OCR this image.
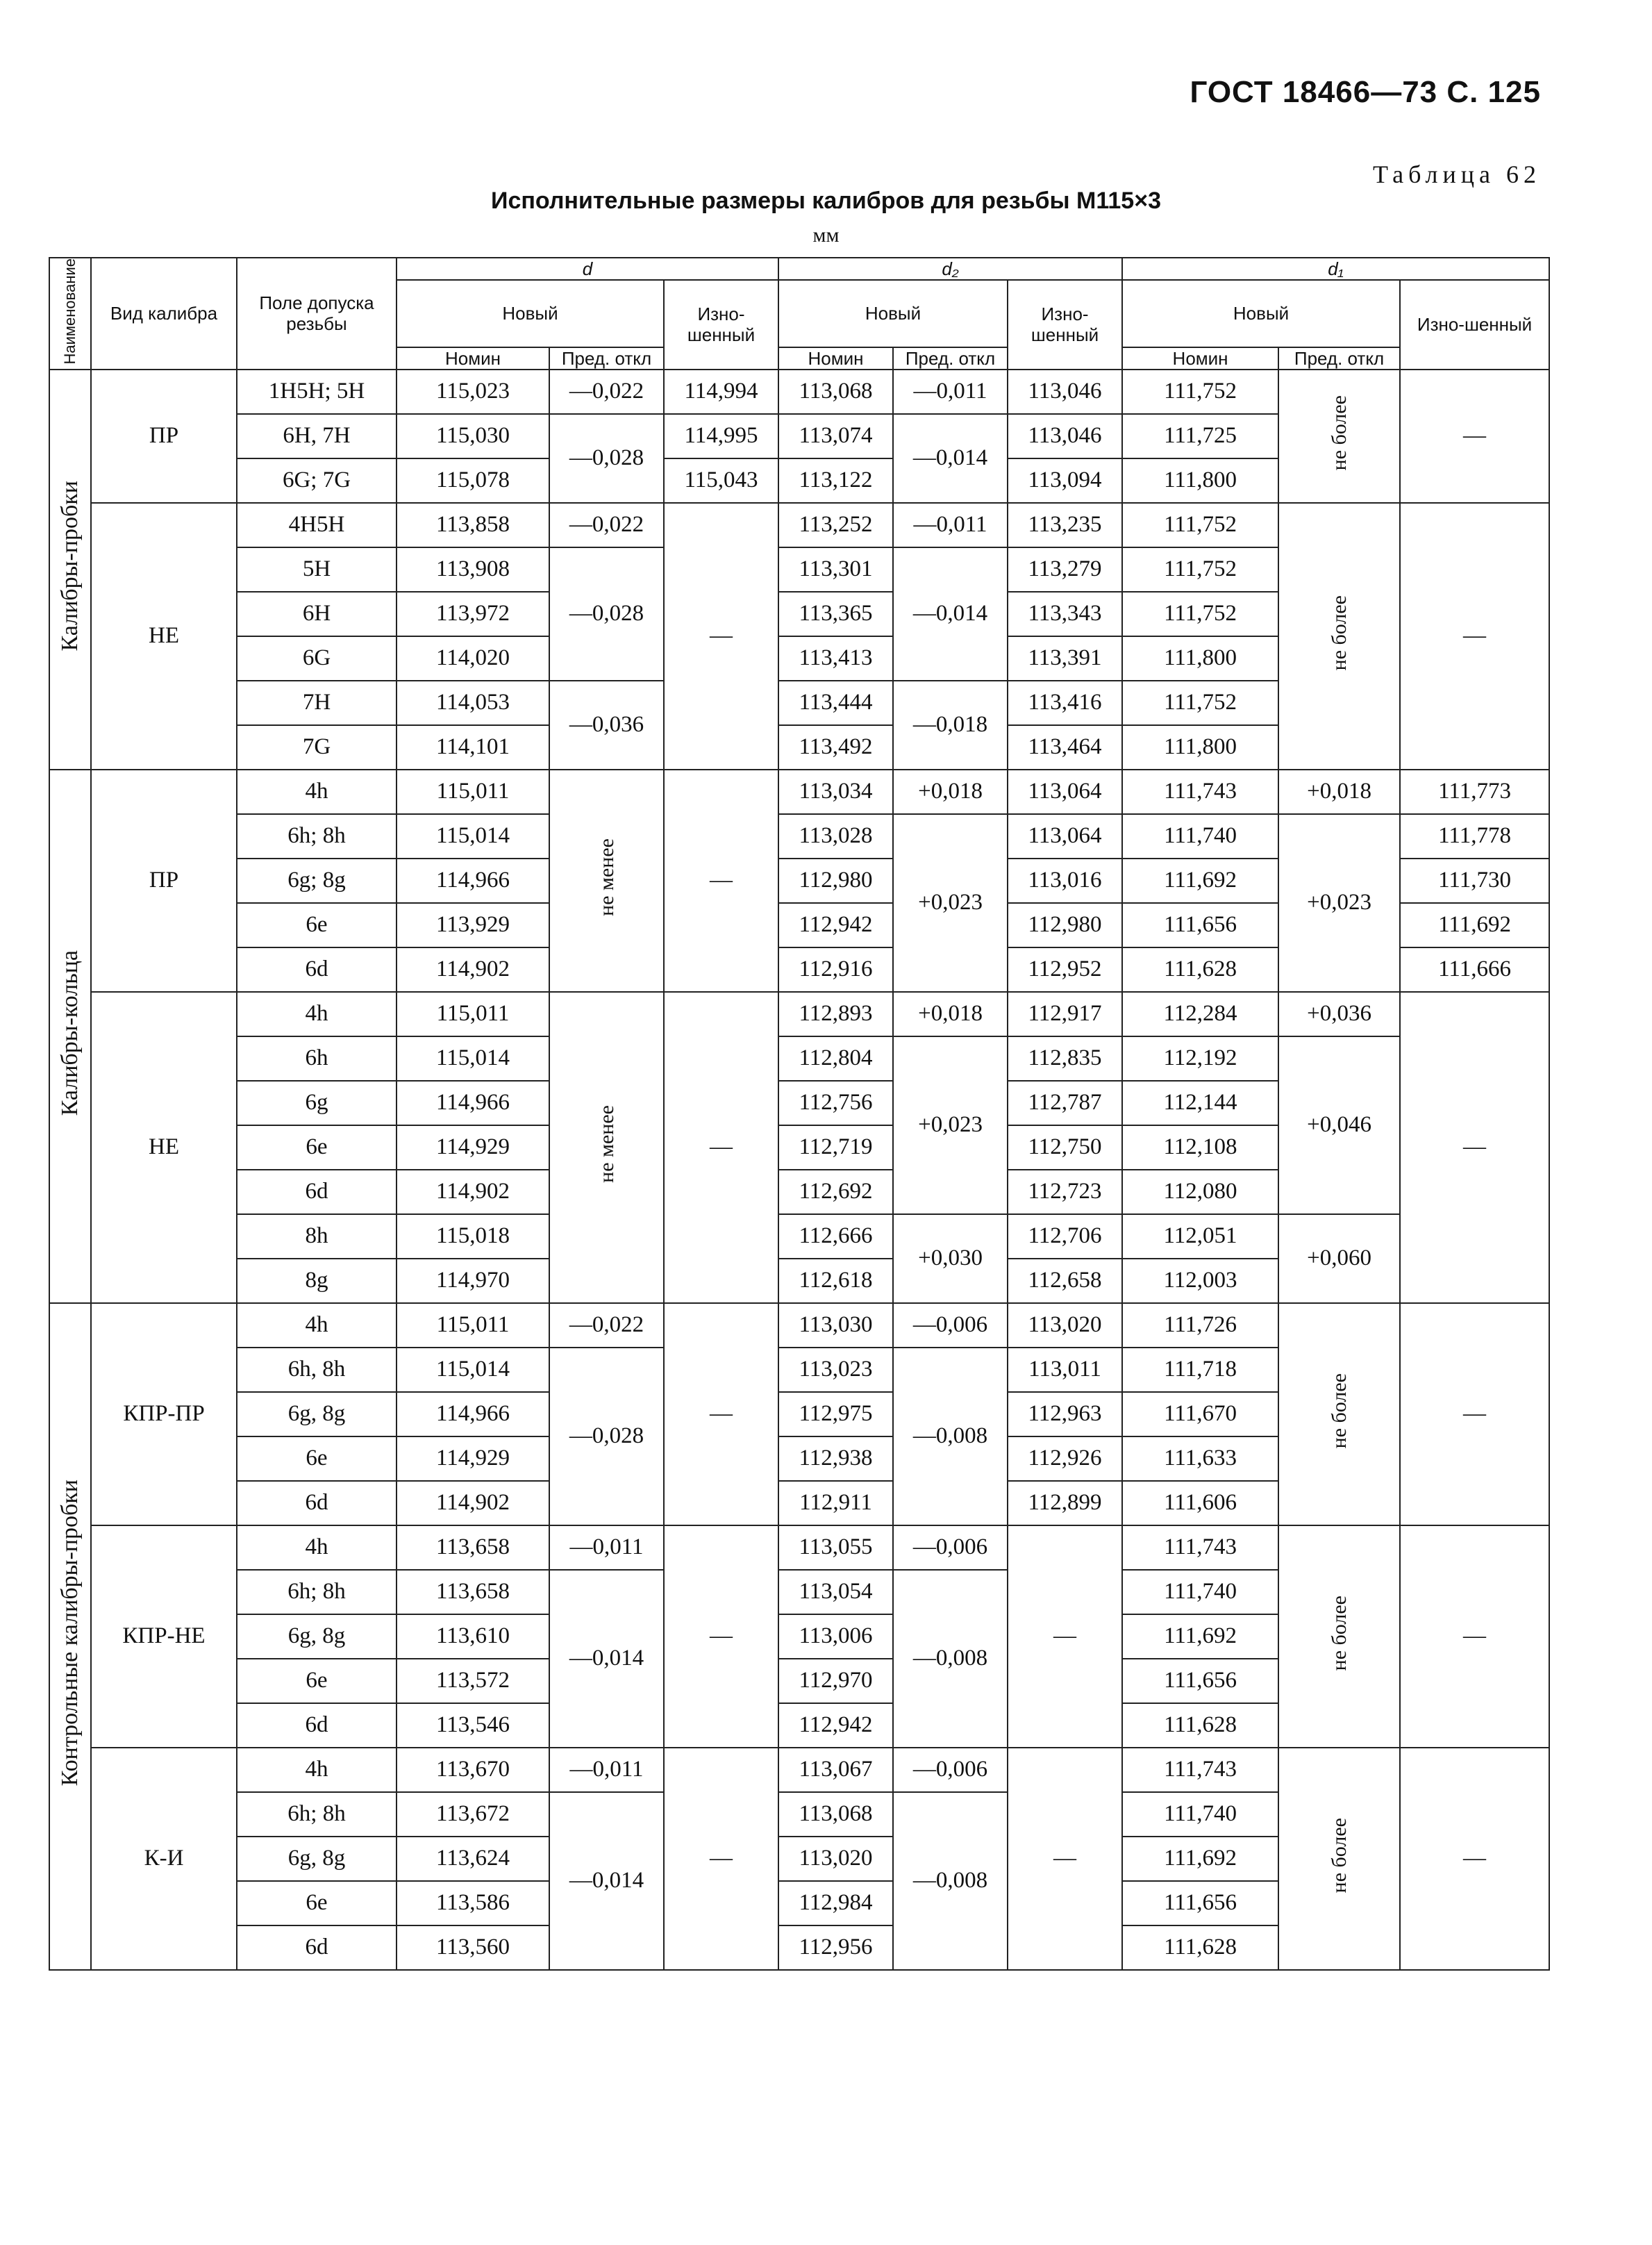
ГОСТ 18466—73 С. 125
Таблица 62
Исполнительные размеры калибров для резьбы М115×3
мм
Наименование	Вид калибра	Поле допуска резьбы	d			d₂			d₁		
			Новый		Изно-шенный	Новый		Изно-шенный	Новый		Изно-шенный
			Номин	Пред. откл		Номин	Пред. откл		Номин	Пред. откл	
Калибры-пробки	ПР	1H5H; 5H	115,023	—0,022	114,994	113,068	—0,011	113,046	111,752	не более	—
		6H, 7H	115,030	—0,028	114,995	113,074	—0,014	113,046	111,725		
		6G; 7G	115,078		115,043	113,122		113,094	111,800		
	НЕ	4H5H	113,858	—0,022	—	113,252	—0,011	113,235	111,752	не более	—
		5H	113,908	—0,028		113,301	—0,014	113,279	111,752		
		6H	113,972			113,365		113,343	111,752		
		6G	114,020			113,413		113,391	111,800		
		7H	114,053	—0,036		113,444	—0,018	113,416	111,752		
		7G	114,101			113,492		113,464	111,800		
Калибры-кольца	ПР	4h	115,011	не менее	—	113,034	+0,018	113,064	111,743	+0,018	111,773
		6h; 8h	115,014			113,028	+0,023	113,064	111,740	+0,023	111,778
		6g; 8g	114,966			112,980		113,016	111,692		111,730
		6e	113,929			112,942		112,980	111,656		111,692
		6d	114,902			112,916		112,952	111,628		111,666
	НЕ	4h	115,011	не менее	—	112,893	+0,018	112,917	112,284	+0,036	—
		6h	115,014			112,804	+0,023	112,835	112,192	+0,046	
		6g	114,966			112,756		112,787	112,144		
		6e	114,929			112,719		112,750	112,108		
		6d	114,902			112,692		112,723	112,080		
		8h	115,018			112,666	+0,030	112,706	112,051	+0,060	
		8g	114,970			112,618		112,658	112,003		
Контрольные калибры-пробки	КПР-ПР	4h	115,011	—0,022	—	113,030	—0,006	113,020	111,726	не более	—
		6h, 8h	115,014	—0,028		113,023	—0,008	113,011	111,718		
		6g, 8g	114,966			112,975		112,963	111,670		
		6e	114,929			112,938		112,926	111,633		
		6d	114,902			112,911		112,899	111,606		
	КПР-НЕ	4h	113,658	—0,011	—	113,055	—0,006	—	111,743	не более	—
		6h; 8h	113,658	—0,014		113,054	—0,008		111,740		
		6g, 8g	113,610			113,006			111,692		
		6e	113,572			112,970			111,656		
		6d	113,546			112,942			111,628		
	К-И	4h	113,670	—0,011	—	113,067	—0,006	—	111,743	не более	—
		6h; 8h	113,672	—0,014		113,068	—0,008		111,740		
		6g, 8g	113,624			113,020			111,692		
		6e	113,586			112,984			111,656		
		6d	113,560			112,956			111,628		
